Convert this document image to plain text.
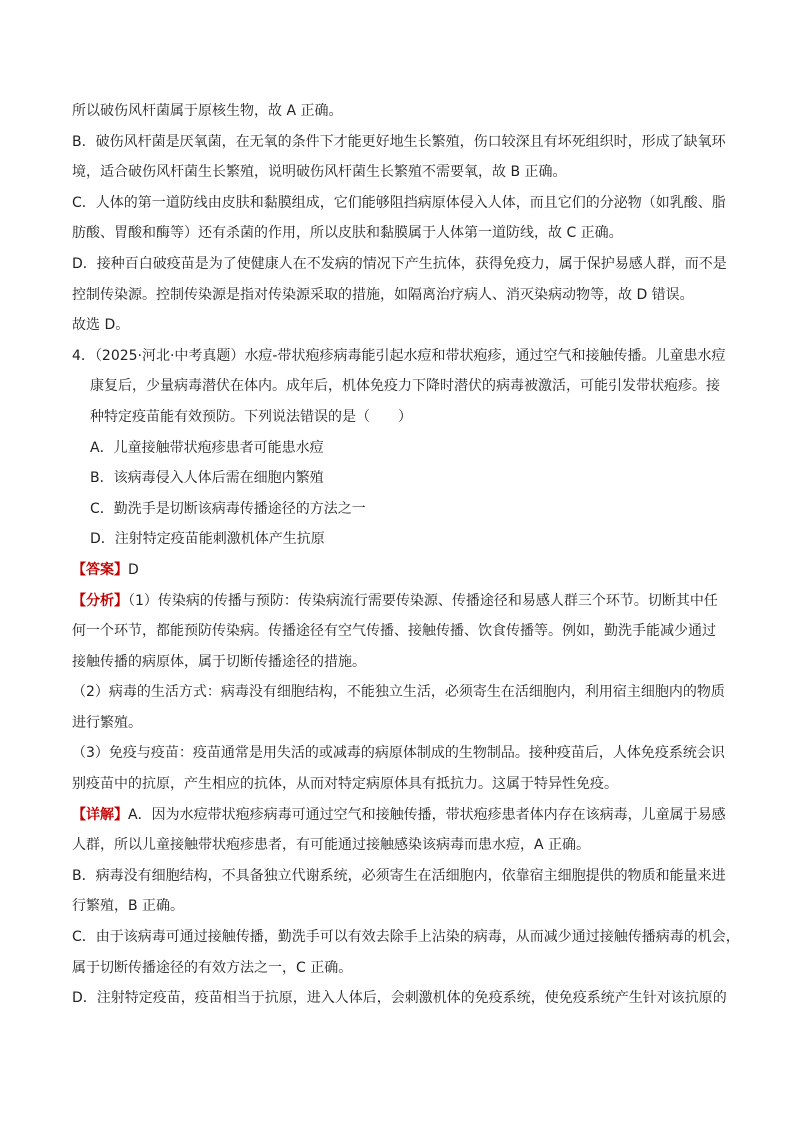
所以破伤风杆菌属于原核生物，故 A 正确。
B．破伤风杆菌是厌氧菌，在无氧的条件下才能更好地生长繁殖，伤口较深且有坏死组织时，形成了缺氧环
境，适合破伤风杆菌生长繁殖，说明破伤风杆菌生长繁殖不需要氧，故 B 正确。
C．人体的第一道防线由皮肤和黏膜组成，它们能够阻挡病原体侵入人体，而且它们的分泌物（如乳酸、脂
肪酸、胃酸和酶等）还有杀菌的作用，所以皮肤和黏膜属于人体第一道防线，故 C 正确。
D．接种百白破疫苗是为了使健康人在不发病的情况下产生抗体，获得免疫力，属于保护易感人群，而不是
控制传染源。控制传染源是指对传染源采取的措施，如隔离治疗病人、消灭染病动物等，故 D 错误。
故选 D。
4．（2025·河北·中考真题）水痘-带状疱疹病毒能引起水痘和带状疱疹，通过空气和接触传播。儿童患水痘
康复后，少量病毒潜伏在体内。成年后，机体免疫力下降时潜伏的病毒被激活，可能引发带状疱疹。接
种特定疫苗能有效预防。下列说法错误的是（　　）
A．儿童接触带状疱疹患者可能患水痘
B．该病毒侵入人体后需在细胞内繁殖
C．勤洗手是切断该病毒传播途径的方法之一
D．注射特定疫苗能刺激机体产生抗原
【答案】D
【分析】（1）传染病的传播与预防：传染病流行需要传染源、传播途径和易感人群三个环节。切断其中任
何一个环节，都能预防传染病。传播途径有空气传播、接触传播、饮食传播等。例如，勤洗手能减少通过
接触传播的病原体，属于切断传播途径的措施。
（2）病毒的生活方式：病毒没有细胞结构，不能独立生活，必须寄生在活细胞内，利用宿主细胞内的物质
进行繁殖。
（3）免疫与疫苗：疫苗通常是用失活的或减毒的病原体制成的生物制品。接种疫苗后，人体免疫系统会识
别疫苗中的抗原，产生相应的抗体，从而对特定病原体具有抵抗力。这属于特异性免疫。
【详解】A．因为水痘带状疱疹病毒可通过空气和接触传播，带状疱疹患者体内存在该病毒，儿童属于易感
人群，所以儿童接触带状疱疹患者，有可能通过接触感染该病毒而患水痘，A 正确。
B．病毒没有细胞结构，不具备独立代谢系统，必须寄生在活细胞内，依靠宿主细胞提供的物质和能量来进
行繁殖，B 正确。
C．由于该病毒可通过接触传播，勤洗手可以有效去除手上沾染的病毒，从而减少通过接触传播病毒的机会，
属于切断传播途径的有效方法之一，C 正确。
D．注射特定疫苗，疫苗相当于抗原，进入人体后，会刺激机体的免疫系统，使免疫系统产生针对该抗原的
